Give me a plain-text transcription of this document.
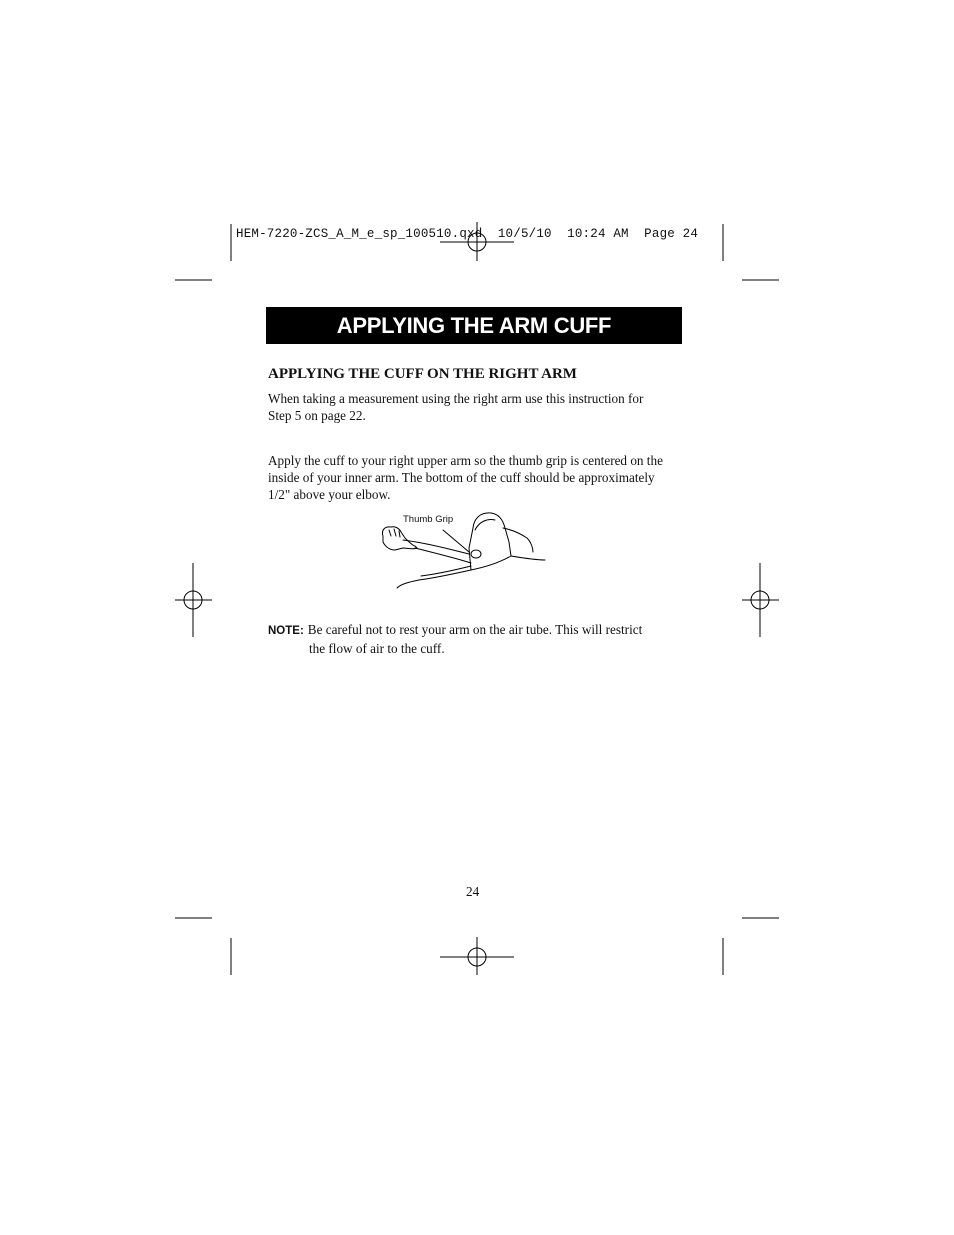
HEM-7220-ZCS_A_M_e_sp_100510.qxd  10/5/10  10:24 AM  Page 24
APPLYING THE ARM CUFF
APPLYING THE CUFF ON THE RIGHT ARM

When taking a measurement using the right arm use this instruction for Step 5 on page 22.

Apply the cuff to your right upper arm so the thumb grip is centered on the inside of your inner arm. The bottom of the cuff should be approximately 1/2" above your elbow.

Thumb Grip
NOTE: Be careful not to rest your arm on the air tube. This will restrict
the flow of air to the cuff.
24
